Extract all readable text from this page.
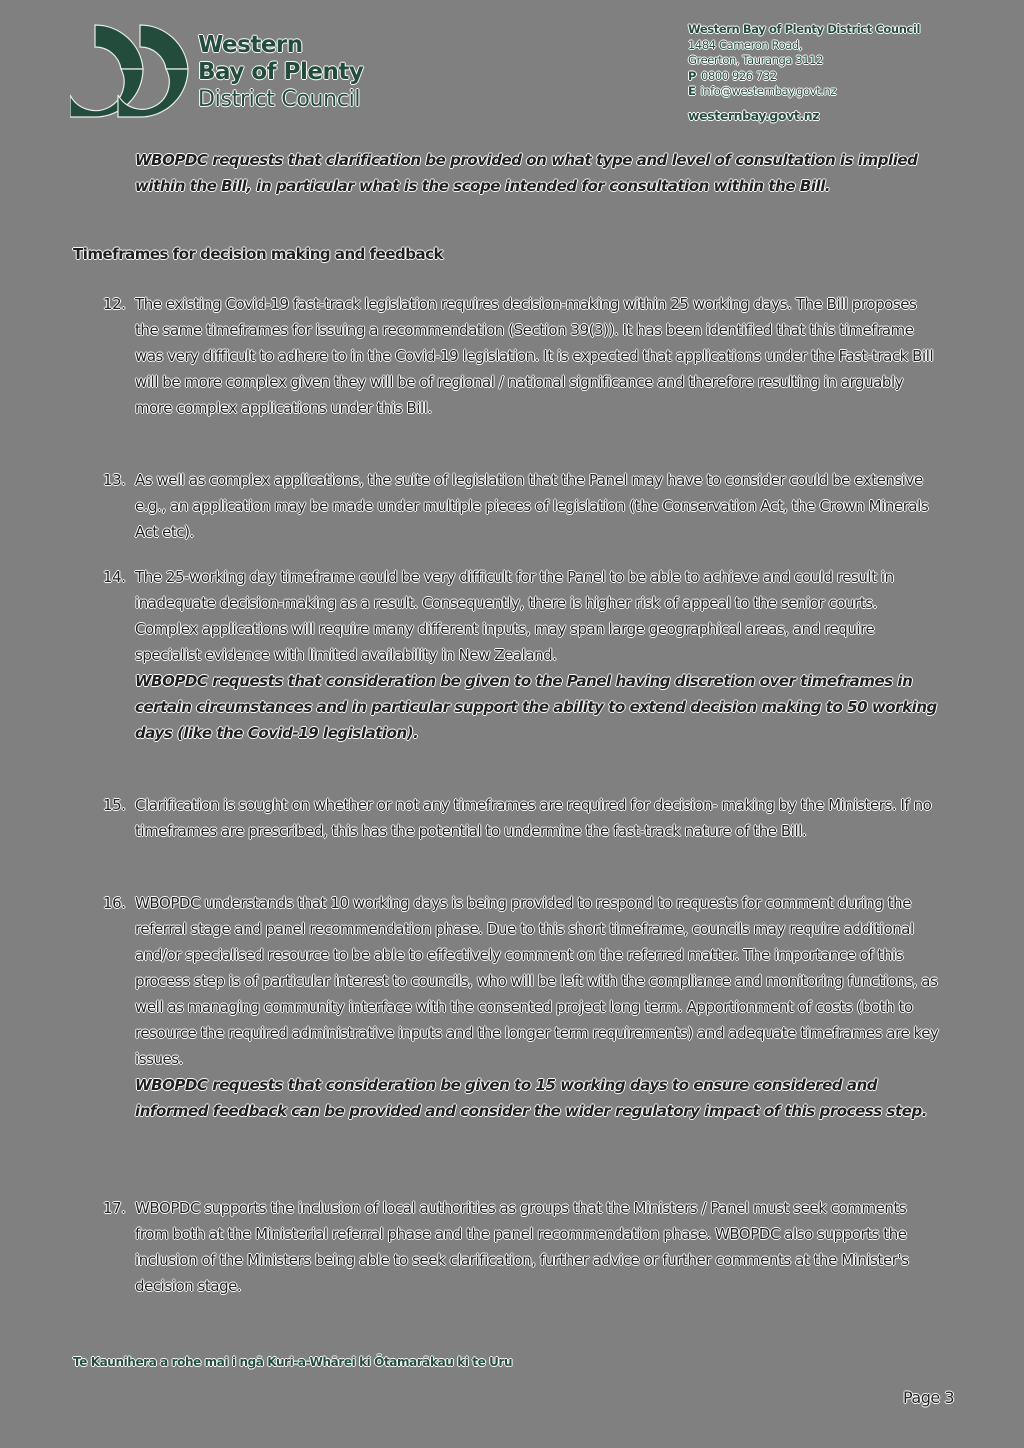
Western
Bay of Plenty
District Council
Western Bay of Plenty District Council
1484 Cameron Road,
Greerton, Tauranga 3112
P 0800 926 732
E info@westernbay.govt.nz
westernbay.govt.nz
WBOPDC requests that clarification be provided on what type and level of consultation is implied within the Bill, in particular what is the scope intended for consultation within the Bill.
Timeframes for decision making and feedback
12. The existing Covid-19 fast-track legislation requires decision-making within 25 working days. The Bill proposes the same timeframes for issuing a recommendation (Section 39(3)). It has been identified that this timeframe was very difficult to adhere to in the Covid-19 legislation. It is expected that applications under the Fast-track Bill will be more complex given they will be of regional / national significance and therefore resulting in arguably more complex applications under this Bill.
13. As well as complex applications, the suite of legislation that the Panel may have to consider could be extensive e.g., an application may be made under multiple pieces of legislation (the Conservation Act, the Crown Minerals Act etc).
14. The 25-working day timeframe could be very difficult for the Panel to be able to achieve and could result in inadequate decision-making as a result. Consequently, there is higher risk of appeal to the senior courts. Complex applications will require many different inputs, may span large geographical areas, and require specialist evidence with limited availability in New Zealand.
WBOPDC requests that consideration be given to the Panel having discretion over timeframes in certain circumstances and in particular support the ability to extend decision making to 50 working days (like the Covid-19 legislation).
15. Clarification is sought on whether or not any timeframes are required for decision- making by the Ministers. If no timeframes are prescribed, this has the potential to undermine the fast-track nature of the Bill.
16. WBOPDC understands that 10 working days is being provided to respond to requests for comment during the referral stage and panel recommendation phase. Due to this short timeframe, councils may require additional and/or specialised resource to be able to effectively comment on the referred matter. The importance of this process step is of particular interest to councils, who will be left with the compliance and monitoring functions, as well as managing community interface with the consented project long term. Apportionment of costs (both to resource the required administrative inputs and the longer term requirements) and adequate timeframes are key issues.
WBOPDC requests that consideration be given to 15 working days to ensure considered and informed feedback can be provided and consider the wider regulatory impact of this process step.
17. WBOPDC supports the inclusion of local authorities as groups that the Ministers / Panel must seek comments from both at the Ministerial referral phase and the panel recommendation phase. WBOPDC also supports the inclusion of the Ministers being able to seek clarification, further advice or further comments at the Minister's decision stage.
Te Kaunihera a rohe mai i ngā Kuri-a-Whārei ki Ōtamarākau ki te Uru
Page 3
